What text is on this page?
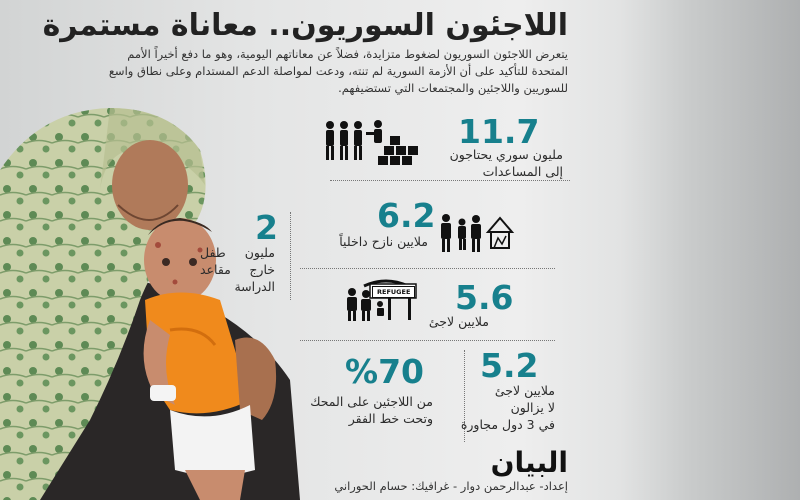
اللاجئون السوريون.. معاناة مستمرة
يتعرض اللاجئون السوريون لضغوط متزايدة، فضلاً عن معاناتهم اليومية، وهو ما دفع أخيراً الأمم المتحدة للتأكيد على أن الأزمة السورية لم تنته، ودعت لمواصلة الدعم المستدام وعلى نطاق واسع للسوريين واللاجئين والمجتمعات التي تستضيفهم.
11.7
مليون سوري يحتاجون
إلى المساعدات
6.2
ملايين نازح داخلياً
2
مليون طفل
خارج مقاعد
الدراسة	5.6
ملايين لاجئ
REFUGEE
%70
من اللاجئين على المحك
وتحت خط الفقر
5.2
ملايين لاجئ
لا يزالون
في 3 دول مجاورة
البيان
إعداد- عبدالرحمن دوار - غرافيك: حسام الحوراني
